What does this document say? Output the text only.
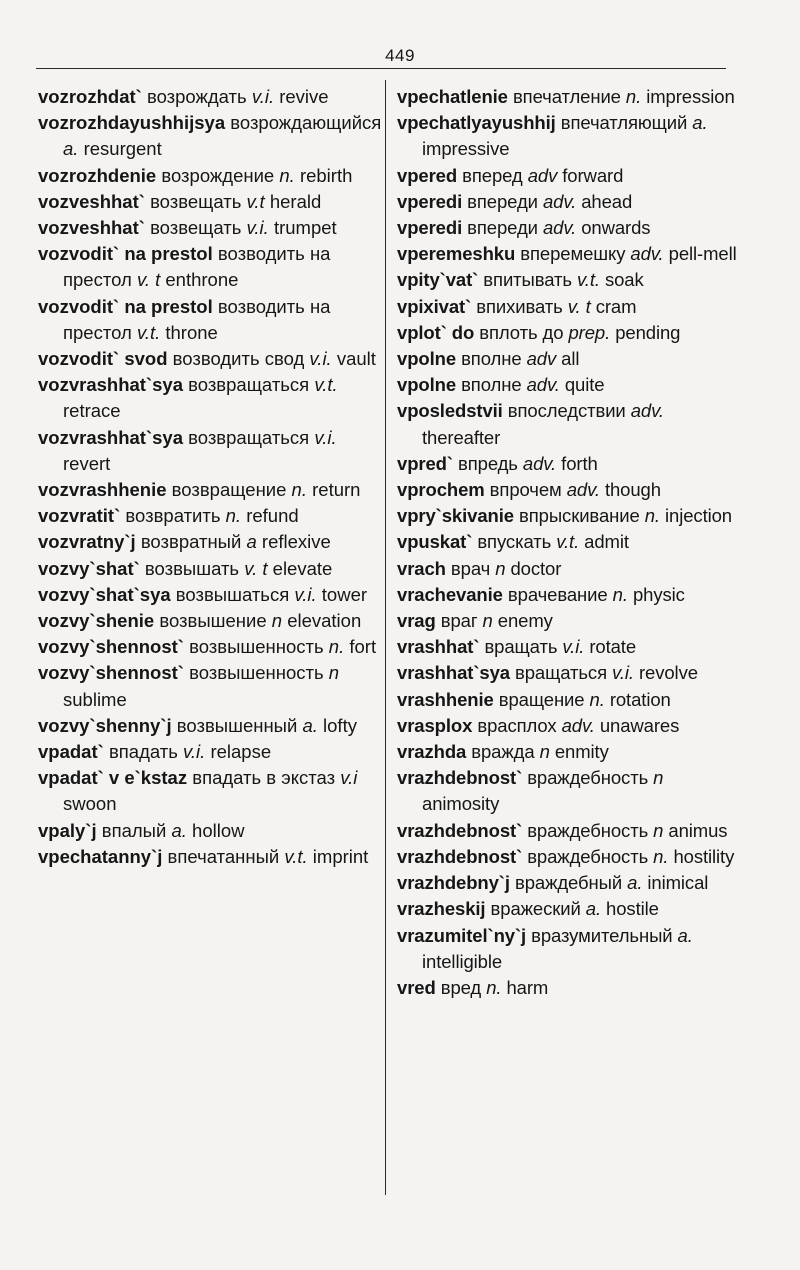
449
vozrozhdat` возрождать v.i. revive
vozrozhdayushhijsya возрождающийся a. resurgent
vozrozhdenie возрождение n. rebirth
vozveshhat` возвещать v.t herald
vozveshhat` возвещать v.i. trumpet
vozvodit` na prestol возводить на престол v. t enthrone
vozvodit` na prestol возводить на престол v.t. throne
vozvodit` svod возводить свод v.i. vault
vozvrashhat`sya возвращаться v.t. retrace
vozvrashhat`sya возвращаться v.i. revert
vozvrashhenie возвращение n. return
vozvratit` возвратить n. refund
vozvratny`j возвратный a reflexive
vozvy`shat` возвышать v. t elevate
vozvy`shat`sya возвышаться v.i. tower
vozvy`shenie возвышение n elevation
vozvy`shennost` возвышенность n. fort
vozvy`shennost` возвышенность n sublime
vozvy`shenny`j возвышенный a. lofty
vpadat` впадать v.i. relapse
vpadat` v e`kstaz впадать в экстаз v.i swoon
vpaly`j впалый a. hollow
vpechatanny`j впечатанный v.t. imprint
vpechatlenie впечатление n. impression
vpechatlyayushhij впечатляющий a. impressive
vpered вперед adv forward
vperedi впереди adv. ahead
vperedi впереди adv. onwards
vperemeshku вперемешку adv. pell-mell
vpity`vat` впитывать v.t. soak
vpixivat` впихивать v. t cram
vplot` do вплоть до prep. pending
vpolne вполне adv all
vpolne вполне adv. quite
vposledstvii впоследствии adv. thereafter
vpred` впредь adv. forth
vprochem впрочем adv. though
vpry`skivanie впрыскивание n. injection
vpuskat` впускать v.t. admit
vrach врач n doctor
vrachevanie врачевание n. physic
vrag враг n enemy
vrashhat` вращать v.i. rotate
vrashhat`sya вращаться v.i. revolve
vrashhenie вращение n. rotation
vrasplox врасплох adv. unawares
vrazhda вражда n enmity
vrazhdebnost` враждебность n animosity
vrazhdebnost` враждебность n animus
vrazhdebnost` враждебность n. hostility
vrazhdebny`j враждебный a. inimical
vrazheskij вражеский a. hostile
vrazumitel`ny`j вразумительный a. intelligible
vred вред n. harm
